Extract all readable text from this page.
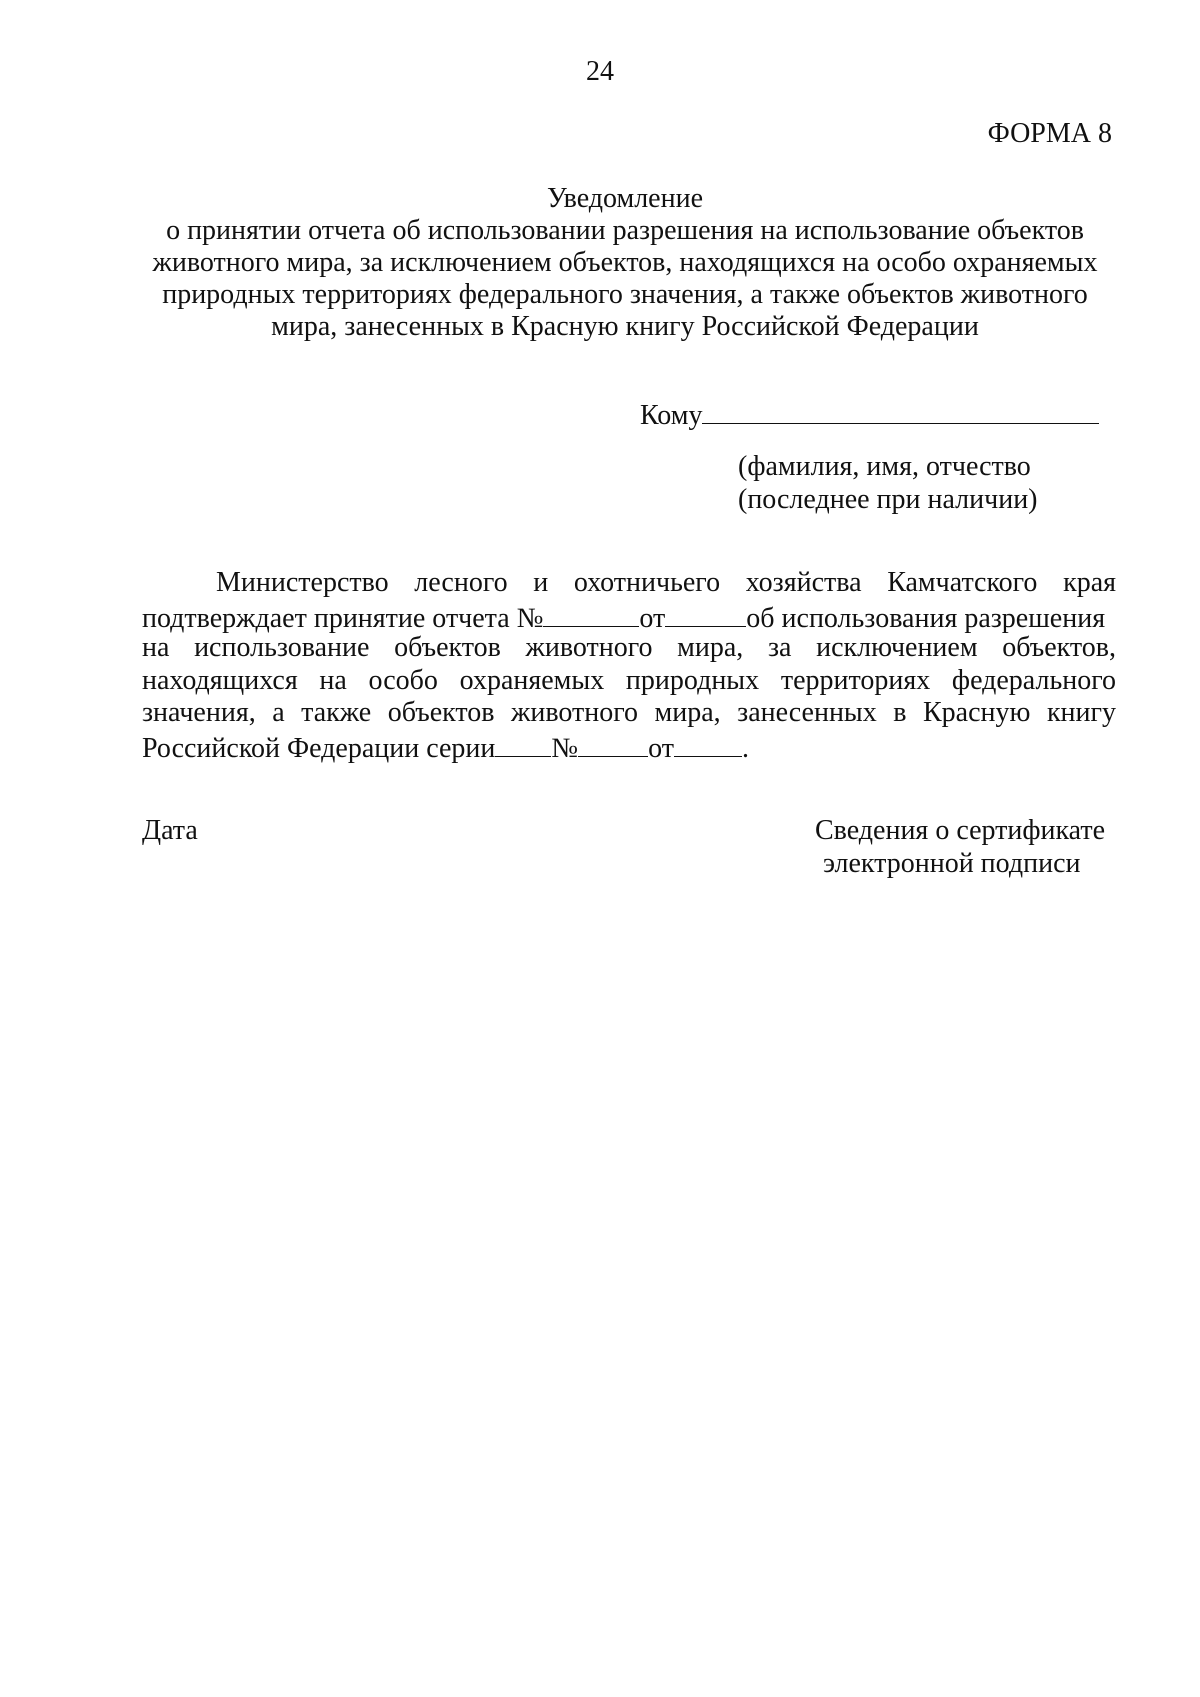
24
ФОРМА 8
Уведомление
о принятии отчета об использовании разрешения на использование объектов
животного мира, за исключением объектов, находящихся на особо охраняемых
природных территориях федерального значения, а также объектов животного
мира, занесенных в Красную книгу Российской Федерации
Кому
(фамилия, имя, отчество
(последнее при наличии)
Министерство лесного и охотничьего хозяйства Камчатского края
подтверждает принятие отчета №	от	об использования разрешения
на использование объектов животного мира, за исключением объектов,
находящихся на особо охраняемых природных территориях федерального
значения, а также объектов животного мира, занесенных в Красную книгу
Российской Федерации серии №	от .
Дата	Сведения о сертификате
электронной подписи
